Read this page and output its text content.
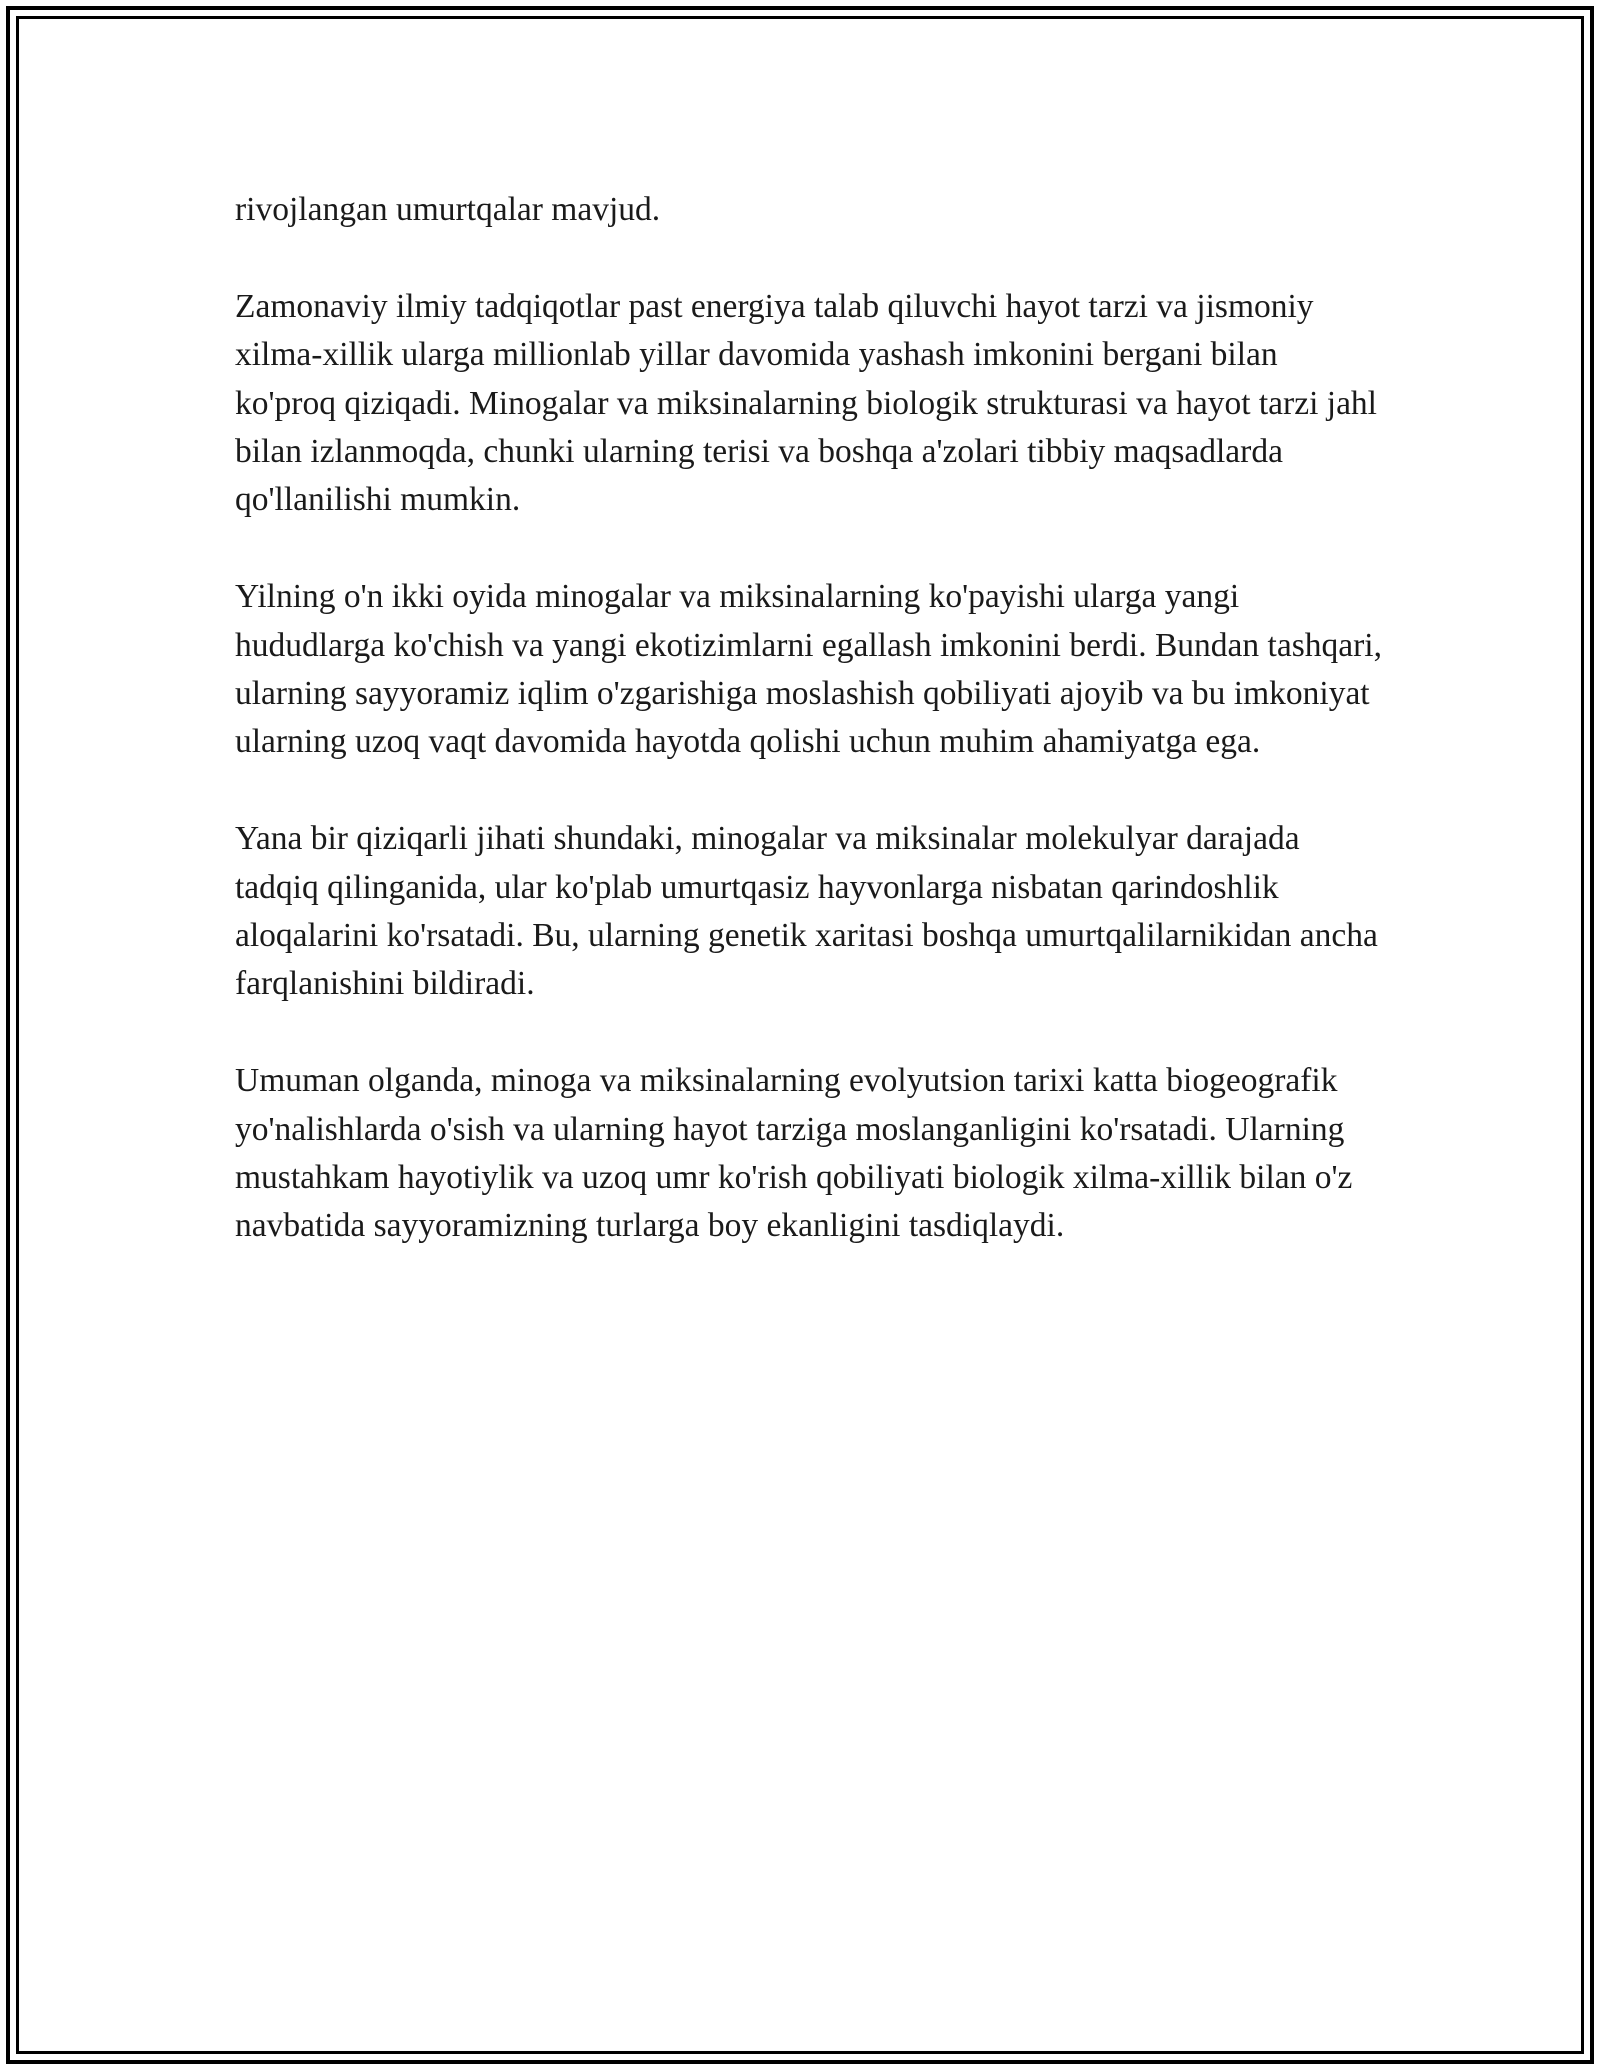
rivojlangan umurtqalar mavjud.

Zamonaviy ilmiy tadqiqotlar past energiya talab qiluvchi hayot tarzi va jismoniy xilma-xillik ularga millionlab yillar davomida yashash imkonini bergani bilan ko'proq qiziqadi. Minogalar va miksinalarning biologik strukturasi va hayot tarzi jahl bilan izlanmoqda, chunki ularning terisi va boshqa a'zolari tibbiy maqsadlarda qo'llanilishi mumkin.

Yilning o'n ikki oyida minogalar va miksinalarning ko'payishi ularga yangi hududlarga ko'chish va yangi ekotizimlarni egallash imkonini berdi. Bundan tashqari, ularning sayyoramiz iqlim o'zgarishiga moslashish qobiliyati ajoyib va bu imkoniyat ularning uzoq vaqt davomida hayotda qolishi uchun muhim ahamiyatga ega.

Yana bir qiziqarli jihati shundaki, minogalar va miksinalar molekulyar darajada tadqiq qilinganida, ular ko'plab umurtqasiz hayvonlarga nisbatan qarindoshlik aloqalarini ko'rsatadi. Bu, ularning genetik xaritasi boshqa umurtqalilarnikidan ancha farqlanishini bildiradi.

Umuman olganda, minoga va miksinalarning evolyutsion tarixi katta biogeografik yo'nalishlarda o'sish va ularning hayot tarziga moslanganligini ko'rsatadi. Ularning mustahkam hayotiylik va uzoq umr ko'rish qobiliyati biologik xilma-xillik bilan o'z navbatida sayyoramizning turlarga boy ekanligini tasdiqlaydi.
